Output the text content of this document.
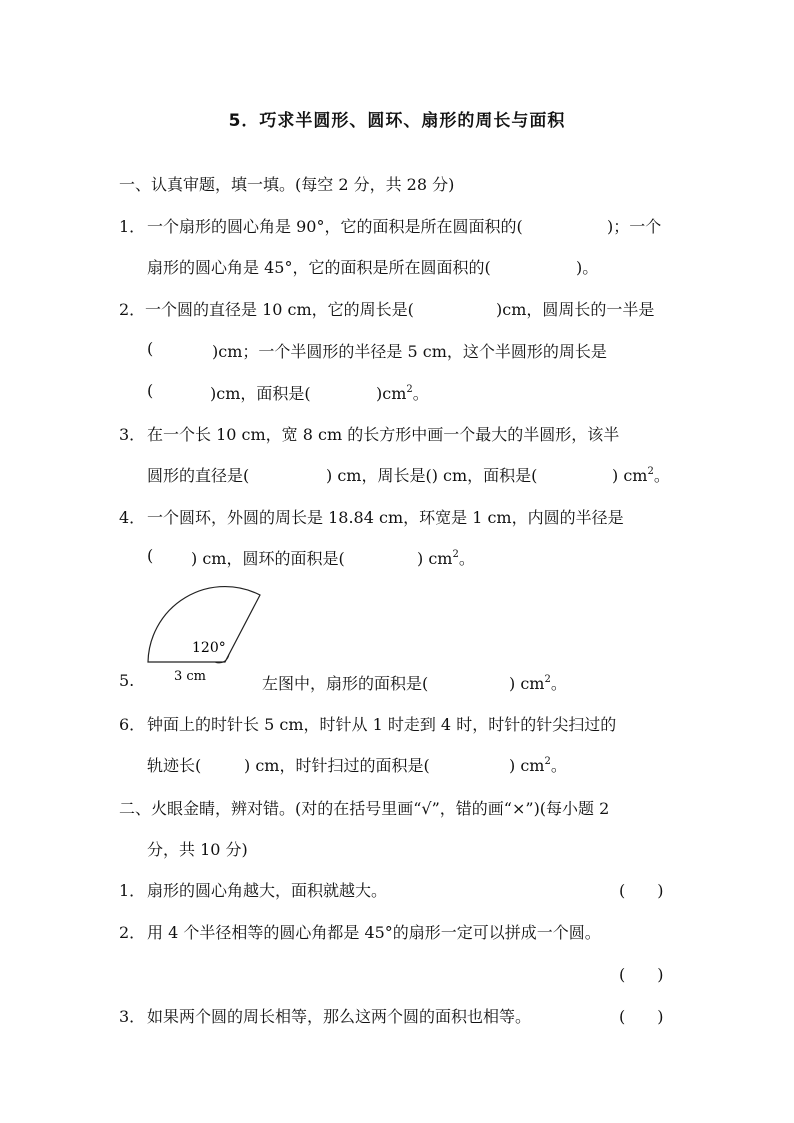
5．巧求半圆形、圆环、扇形的周长与面积
一、认真审题，填一填。(每空 2 分，共 28 分)
1． 一个扇形的圆心角是 90°，它的面积是所在圆面积的(	)；一个
扇形的圆心角是 45°，它的面积是所在圆面积的(	)。
2． 一个圆的直径是 10 cm，它的周长是(	)cm，圆周长的一半是
(	)cm；一个半圆形的半径是 5 cm，这个半圆形的周长是
(	)cm，面积是(	)$cm^2$。
3． 在一个长 10 cm，宽 8 cm 的长方形中画一个最大的半圆形，该半
圆形的直径是(	) cm，周长是() cm，面积是(	) $cm^2$。
4． 一个圆环，外圆的周长是 18.84 cm，环宽是 1 cm，内圆的半径是
( ) cm，圆环的面积是(	) $cm^2$。
120°
3 cm
5.	左图中，扇形的面积是(	) $cm^2$。
6． 钟面上的时针长 5 cm，时针从 1 时走到 4 时，时针的针尖扫过的
轨迹长(	) cm，时针扫过的面积是(	) $cm^2$。
二、火眼金睛，辨对错。(对的在括号里画“√”，错的画“×”)(每小题 2
分，共 10 分)
1． 扇形的圆心角越大，面积就越大。	(　　)
2． 用 4 个半径相等的圆心角都是 45°的扇形一定可以拼成一个圆。
(　　)
3． 如果两个圆的周长相等，那么这两个圆的面积也相等。	(　　)
